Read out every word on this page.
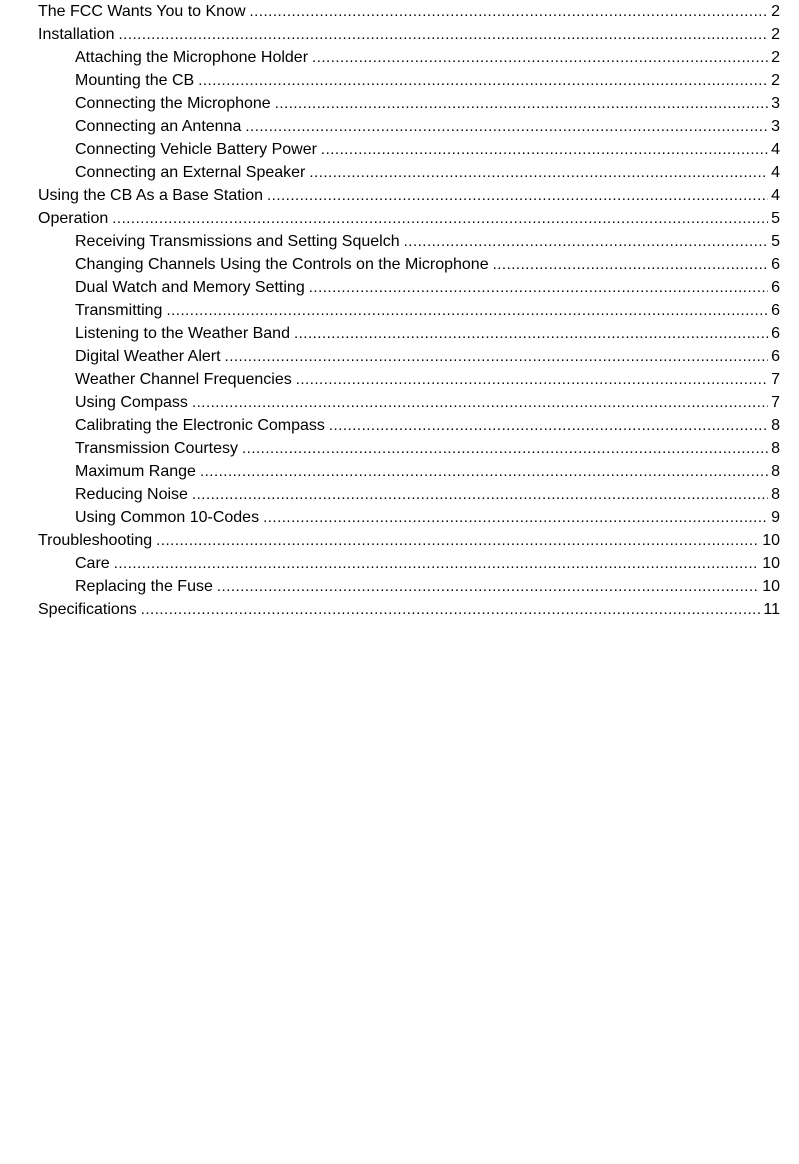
The FCC Wants You to Know .....	2
Installation .....	2
Attaching the Microphone Holder .....	2
Mounting the CB .....	2
Connecting the Microphone .....	3
Connecting an Antenna .....	3
Connecting Vehicle Battery Power .....	4
Connecting an External Speaker .....	4
Using the CB As a Base Station .....	4
Operation .....	5
Receiving Transmissions and Setting Squelch .....	5
Changing Channels Using the Controls on the Microphone .....	6
Dual Watch and Memory Setting .....	6
Transmitting .....	6
Listening to the Weather Band .....	6
Digital Weather Alert .....	6
Weather Channel Frequencies .....	7
Using Compass .....	7
Calibrating the Electronic Compass .....	8
Transmission Courtesy .....	8
Maximum Range .....	8
Reducing Noise .....	8
Using Common 10-Codes .....	9
Troubleshooting .....	10
Care .....	10
Replacing the Fuse .....	10
Specifications .....	11
